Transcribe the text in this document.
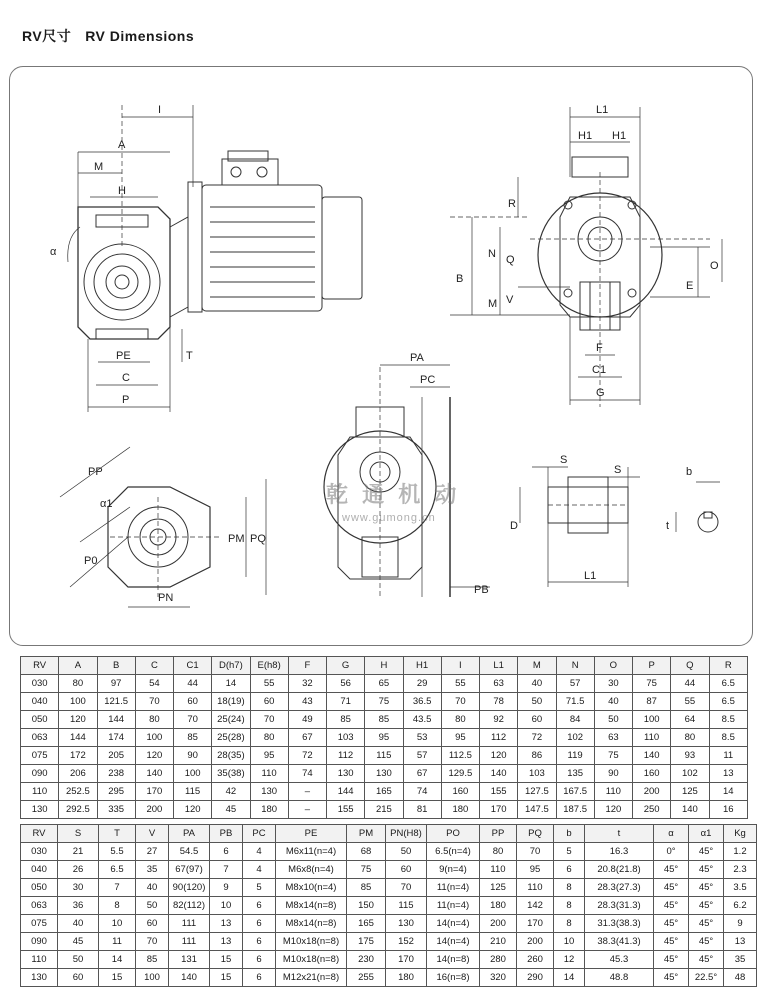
RV尺寸 RV Dimensions
I
A
M
H
α
PE
C
P
T
L1
H1 H1
R
N
B
Q
M V
O
E
F
C1
G
PP
α1
P0
PM PQ
PN
PA
PC
PB
S
S
D
L1
b
t
乾 通 机 动
www.gumong.cn
RV	A	B	C	C1	D(h7)	E(h8)	F	G	H	H1	I	L1	M	N	O	P	Q	R
030	80	97	54	44	14	55	32	56	65	29	55	63	40	57	30	75	44	6.5
040	100	121.5	70	60	18(19)	60	43	71	75	36.5	70	78	50	71.5	40	87	55	6.5
050	120	144	80	70	25(24)	70	49	85	85	43.5	80	92	60	84	50	100	64	8.5
063	144	174	100	85	25(28)	80	67	103	95	53	95	112	72	102	63	110	80	8.5
075	172	205	120	90	28(35)	95	72	112	115	57	112.5	120	86	119	75	140	93	11
090	206	238	140	100	35(38)	110	74	130	130	67	129.5	140	103	135	90	160	102	13
110	252.5	295	170	115	42	130	–	144	165	74	160	155	127.5	167.5	110	200	125	14
130	292.5	335	200	120	45	180	–	155	215	81	180	170	147.5	187.5	120	250	140	16
RV	S	T	V	PA	PB	PC	PE	PM	PN(H8)	PO	PP	PQ	b	t	α	α1	Kg
030	21	5.5	27	54.5	6	4	M6x11(n=4)	68	50	6.5(n=4)	80	70	5	16.3	0°	45°	1.2
040	26	6.5	35	67(97)	7	4	M6x8(n=4)	75	60	9(n=4)	110	95	6	20.8(21.8)	45°	45°	2.3
050	30	7	40	90(120)	9	5	M8x10(n=4)	85	70	11(n=4)	125	110	8	28.3(27.3)	45°	45°	3.5
063	36	8	50	82(112)	10	6	M8x14(n=8)	150	115	11(n=4)	180	142	8	28.3(31.3)	45°	45°	6.2
075	40	10	60	111	13	6	M8x14(n=8)	165	130	14(n=4)	200	170	8	31.3(38.3)	45°	45°	9
090	45	11	70	111	13	6	M10x18(n=8)	175	152	14(n=4)	210	200	10	38.3(41.3)	45°	45°	13
110	50	14	85	131	15	6	M10x18(n=8)	230	170	14(n=8)	280	260	12	45.3	45°	45°	35
130	60	15	100	140	15	6	M12x21(n=8)	255	180	16(n=8)	320	290	14	48.8	45°	22.5°	48
